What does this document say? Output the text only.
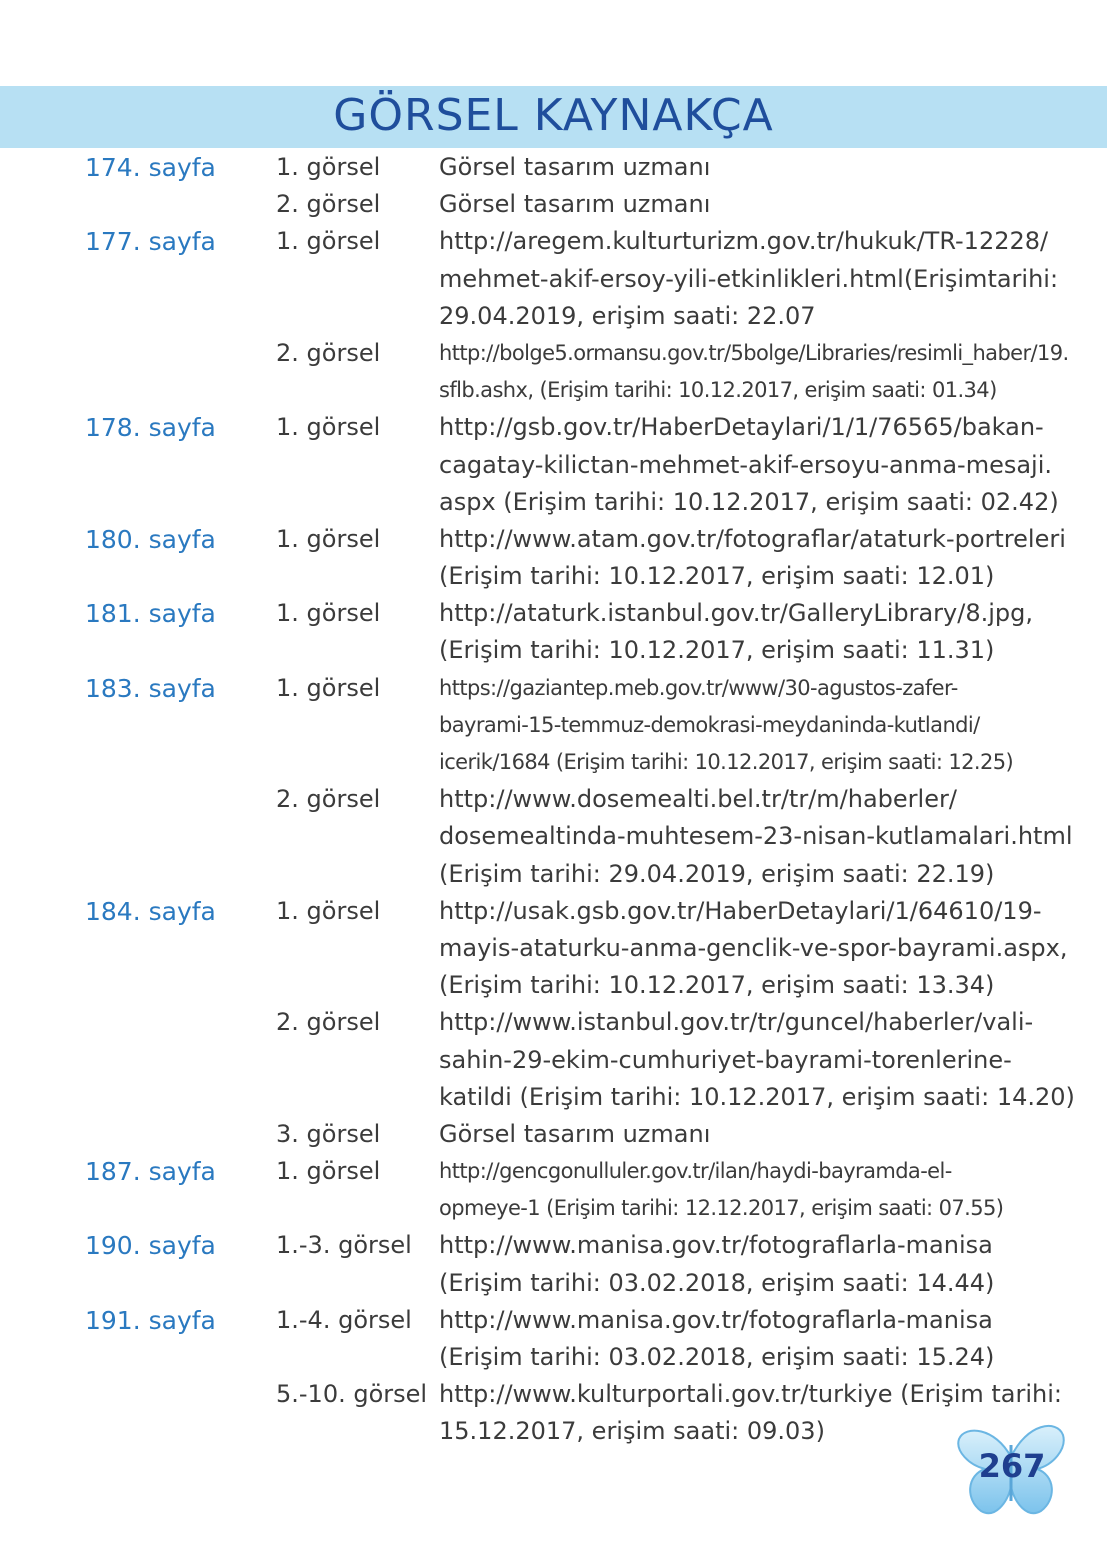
GÖRSEL KAYNAKÇA
174. sayfa	1. görsel Görsel tasarım uzmanı
2. görsel Görsel tasarım uzmanı
177. sayfa	1. görsel http://aregem.kulturturizm.gov.tr/hukuk/TR-12228/
mehmet-akif-ersoy-yili-etkinlikleri.html (Erişim tarihi:
29.04.2019, erişim saati: 22.07
2. görsel	http://bolge5.ormansu.gov.tr/5bolge/Libraries/resimli_haber/19.
sflb.ashx, (Erişim tarihi: 10.12.2017, erişim saati: 01.34)
178. sayfa	1. görsel http://gsb.gov.tr/HaberDetaylari/1/1/76565/bakan-
cagatay-kilictan-mehmet-akif-ersoyu-anma-mesaji.
aspx (Erişim tarihi: 10.12.2017, erişim saati: 02.42)
180. sayfa	1. görsel http://www.atam.gov.tr/fotograflar/ataturk-portreleri
(Erişim tarihi: 10.12.2017, erişim saati: 12.01)
181. sayfa	1. görsel http://ataturk.istanbul.gov.tr/GalleryLibrary/8.jpg,
(Erişim tarihi: 10.12.2017, erişim saati: 11.31)
183. sayfa	1. görsel	https://gaziantep.meb.gov.tr/www/30-agustos-zafer-
bayrami-15-temmuz-demokrasi-meydaninda-kutlandi/
icerik/1684 (Erişim tarihi: 10.12.2017, erişim saati: 12.25)
2. görsel http://www.dosemealti.bel.tr/tr/m/haberler/
dosemealtinda-muhtesem-23-nisan-kutlamalari.html
(Erişim tarihi: 29.04.2019, erişim saati: 22.19)
184. sayfa	1. görsel http://usak.gsb.gov.tr/HaberDetaylari/1/64610/19-
mayis-ataturku-anma-genclik-ve-spor-bayrami.aspx,
(Erişim tarihi: 10.12.2017, erişim saati: 13.34)
2. görsel http://www.istanbul.gov.tr/tr/guncel/haberler/vali-
sahin-29-ekim-cumhuriyet-bayrami-torenlerine-
katildi (Erişim tarihi: 10.12.2017, erişim saati: 14.20)
3. görsel Görsel tasarım uzmanı
187. sayfa	1. görsel	http://gencgonulluler.gov.tr/ilan/haydi-bayramda-el-
opmeye-1 (Erişim tarihi: 12.12.2017, erişim saati: 07.55)
190. sayfa	1.-3. görsel http://www.manisa.gov.tr/fotograflarla-manisa
(Erişim tarihi: 03.02.2018, erişim saati: 14.44)
191. sayfa	1.-4. görsel http://www.manisa.gov.tr/fotograflarla-manisa
(Erişim tarihi: 03.02.2018, erişim saati: 15.24)
5.-10. görsel http://www.kulturportali.gov.tr/turkiye (Erişim tarihi:
15.12.2017, erişim saati: 09.03)
267
